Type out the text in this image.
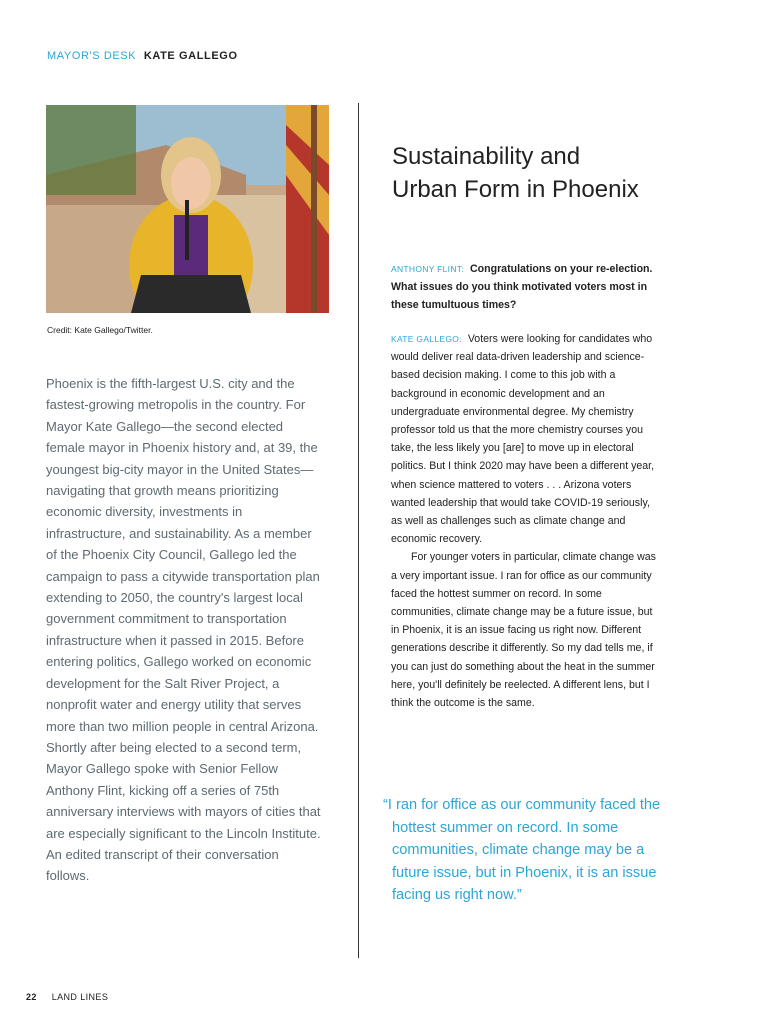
MAYOR'S DESK KATE GALLEGO
Credit: Kate Gallego/Twitter.

Phoenix is the fifth-largest U.S. city and the fastest-growing metropolis in the country. For Mayor Kate Gallego—the second elected female mayor in Phoenix history and, at 39, the youngest big-city mayor in the United States—navigating that growth means prioritizing economic diversity, investments in infrastructure, and sustainability. As a member of the Phoenix City Council, Gallego led the campaign to pass a citywide transportation plan extending to 2050, the country's largest local government commitment to transportation infrastructure when it passed in 2015. Before entering politics, Gallego worked on economic development for the Salt River Project, a nonprofit water and energy utility that serves more than two million people in central Arizona. Shortly after being elected to a second term, Mayor Gallego spoke with Senior Fellow Anthony Flint, kicking off a series of 75th anniversary interviews with mayors of cities that are especially significant to the Lincoln Institute. An edited transcript of their conversation follows.

Sustainability and
Urban Form in Phoenix

ANTHONY FLINT: Congratulations on your re-election. What issues do you think motivated voters most in these tumultuous times?

KATE GALLEGO: Voters were looking for candidates who would deliver real data-driven leadership and science-based decision making. I come to this job with a background in economic development and an undergraduate environmental degree. My chemistry professor told us that the more chemistry courses you take, the less likely you [are] to move up in electoral politics. But I think 2020 may have been a different year, when science mattered to voters . . . Arizona voters wanted leadership that would take COVID-19 seriously, as well as challenges such as climate change and economic recovery.

For younger voters in particular, climate change was a very important issue. I ran for office as our community faced the hottest summer on record. In some communities, climate change may be a future issue, but in Phoenix, it is an issue facing us right now. Different generations describe it differently. So my dad tells me, if you can just do something about the heat in the summer here, you'll definitely be reelected. A different lens, but I think the outcome is the same.

“I ran for office as our community faced the hottest summer on record. In some communities, climate change may be a future issue, but in Phoenix, it is an issue facing us right now.”

22 LAND LINES
